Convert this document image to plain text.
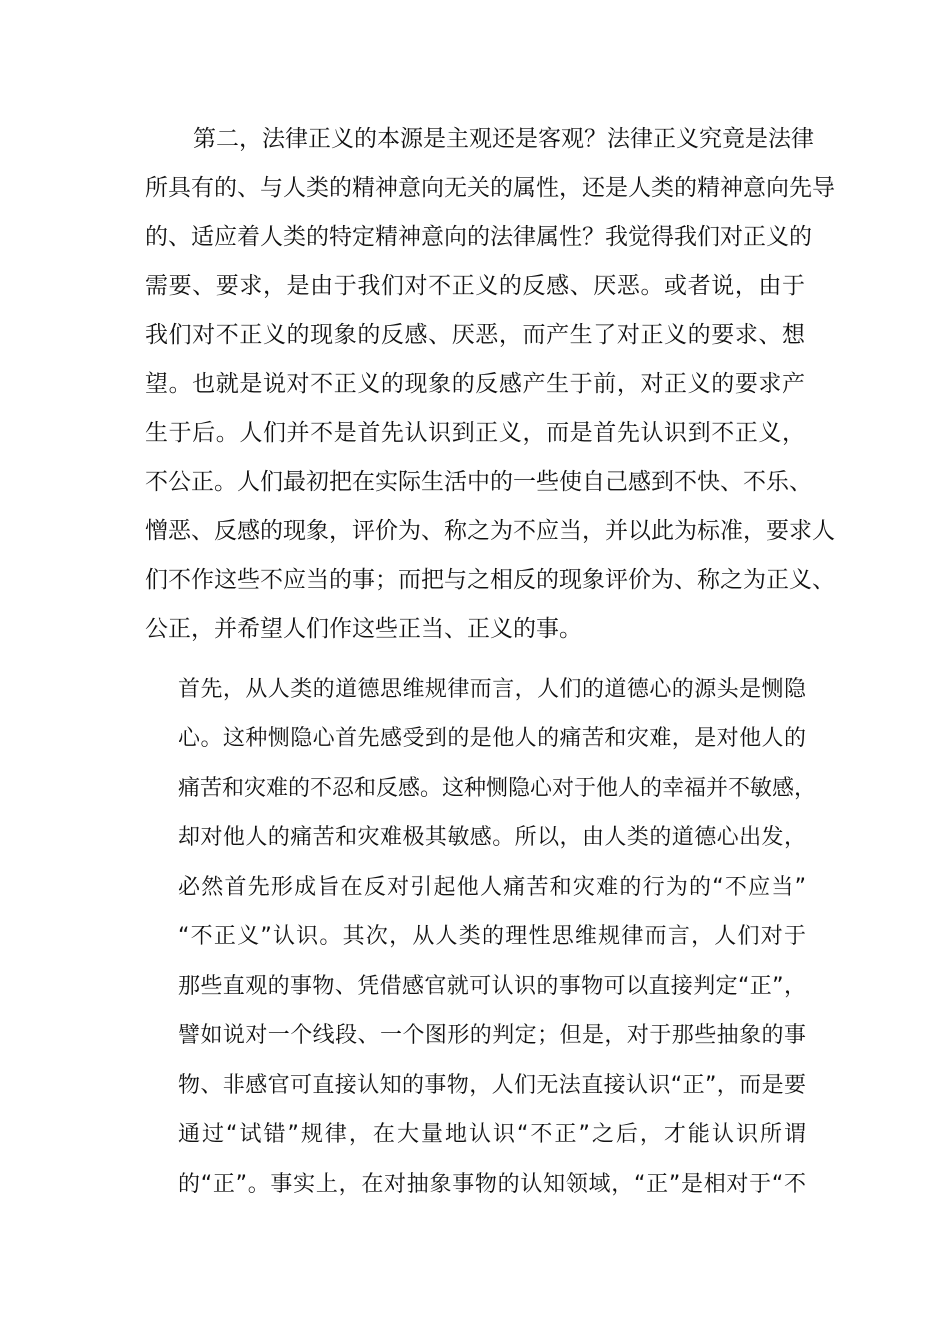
第二，法律正义的本源是主观还是客观？法律正义究竟是法律

所具有的、与人类的精神意向无关的属性，还是人类的精神意向先导

的、适应着人类的特定精神意向的法律属性？我觉得我们对正义的

需要、要求，是由于我们对不正义的反感、厌恶。或者说，由于

我们对不正义的现象的反感、厌恶，而产生了对正义的要求、想

望。也就是说对不正义的现象的反感产生于前，对正义的要求产

生于后。人们并不是首先认识到正义，而是首先认识到不正义，

不公正。人们最初把在实际生活中的一些使自己感到不快、不乐、

憎恶、反感的现象，评价为、称之为不应当，并以此为标准，要求人

们不作这些不应当的事；而把与之相反的现象评价为、称之为正义、

公正，并希望人们作这些正当、正义的事。

首先，从人类的道德思维规律而言，人们的道德心的源头是恻隐

心。这种恻隐心首先感受到的是他人的痛苦和灾难，是对他人的

痛苦和灾难的不忍和反感。这种恻隐心对于他人的幸福并不敏感，

却对他人的痛苦和灾难极其敏感。所以，由人类的道德心出发，

必然首先形成旨在反对引起他人痛苦和灾难的行为的“不应当”

“不正义”认识。其次，从人类的理性思维规律而言，人们对于

那些直观的事物、凭借感官就可认识的事物可以直接判定“正”，

譬如说对一个线段、一个图形的判定；但是，对于那些抽象的事

物、非感官可直接认知的事物，人们无法直接认识“正”，而是要

通过“试错”规律，在大量地认识“不正”之后，才能认识所谓

的“正”。事实上，在对抽象事物的认知领域，“正”是相对于“不
